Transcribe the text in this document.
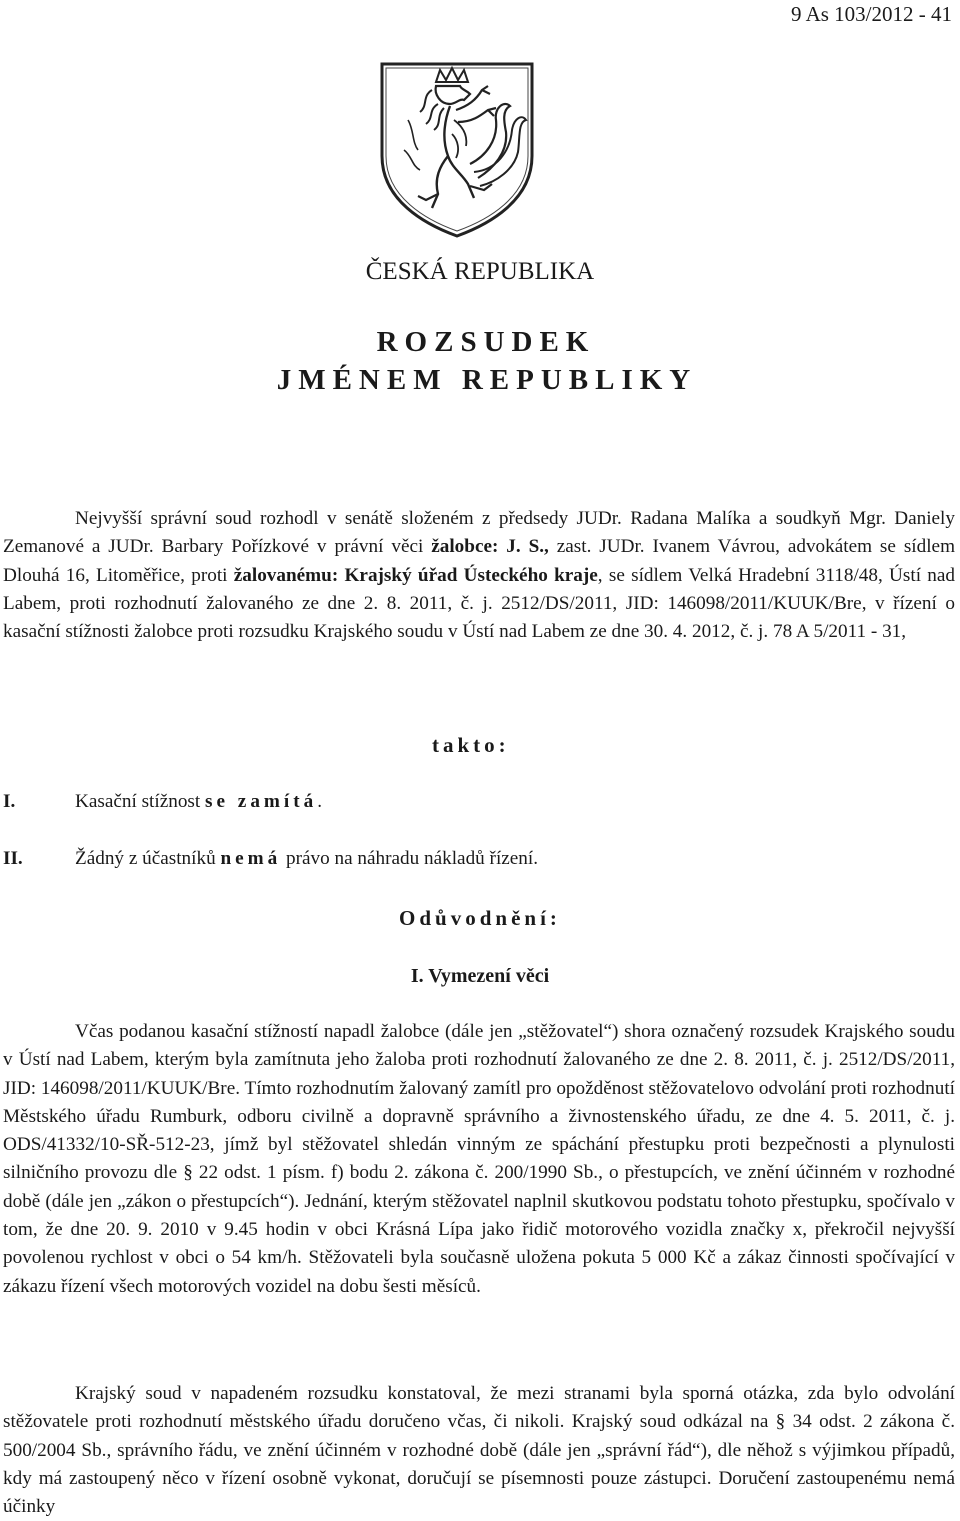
9 As 103/2012 - 41
ČESKÁ REPUBLIKA
ROZSUDEK
JMÉNEM REPUBLIKY

Nejvyšší správní soud rozhodl v senátě složeném z předsedy JUDr. Radana Malíka a soudkyň Mgr. Daniely Zemanové a JUDr. Barbary Pořízkové v právní věci žalobce: J. S., zast. JUDr. Ivanem Vávrou, advokátem se sídlem Dlouhá 16, Litoměřice, proti žalovanému: Krajský úřad Ústeckého kraje, se sídlem Velká Hradební 3118/48, Ústí nad Labem, proti rozhodnutí žalovaného ze dne 2. 8. 2011, č. j. 2512/DS/2011, JID: 146098/2011/KUUK/Bre, v řízení o kasační stížnosti žalobce proti rozsudku Krajského soudu v Ústí nad Labem ze dne 30. 4. 2012, č. j. 78 A 5/2011 - 31,

takto:
I.	Kasační stížnost se zamítá.
II.	Žádný z účastníků nemá právo na náhradu nákladů řízení.
Odůvodnění:
I. Vymezení věci

Včas podanou kasační stížností napadl žalobce (dále jen „stěžovatel“) shora označený rozsudek Krajského soudu v Ústí nad Labem, kterým byla zamítnuta jeho žaloba proti rozhodnutí žalovaného ze dne 2. 8. 2011, č. j. 2512/DS/2011, JID: 146098/2011/KUUK/Bre. Tímto rozhodnutím žalovaný zamítl pro opožděnost stěžovatelovo odvolání proti rozhodnutí Městského úřadu Rumburk, odboru civilně a dopravně správního a živnostenského úřadu, ze dne 4. 5. 2011, č. j. ODS/41332/10-SŘ-512-23, jímž byl stěžovatel shledán vinným ze spáchání přestupku proti bezpečnosti a plynulosti silničního provozu dle § 22 odst. 1 písm. f) bodu 2. zákona č. 200/1990 Sb., o přestupcích, ve znění účinném v rozhodné době (dále jen „zákon o přestupcích“). Jednání, kterým stěžovatel naplnil skutkovou podstatu tohoto přestupku, spočívalo v tom, že dne 20. 9. 2010 v 9.45 hodin v obci Krásná Lípa jako řidič motorového vozidla značky x, překročil nejvyšší povolenou rychlost v obci o 54 km/h. Stěžovateli byla současně uložena pokuta 5 000 Kč a zákaz činnosti spočívající v zákazu řízení všech motorových vozidel na dobu šesti měsíců.

Krajský soud v napadeném rozsudku konstatoval, že mezi stranami byla sporná otázka, zda bylo odvolání stěžovatele proti rozhodnutí městského úřadu doručeno včas, či nikoli. Krajský soud odkázal na § 34 odst. 2 zákona č. 500/2004 Sb., správního řádu, ve znění účinném v rozhodné době (dále jen „správní řád“), dle něhož s výjimkou případů, kdy má zastoupený něco v řízení osobně vykonat, doručují se písemnosti pouze zástupci. Doručení zastoupenému nemá účinky
